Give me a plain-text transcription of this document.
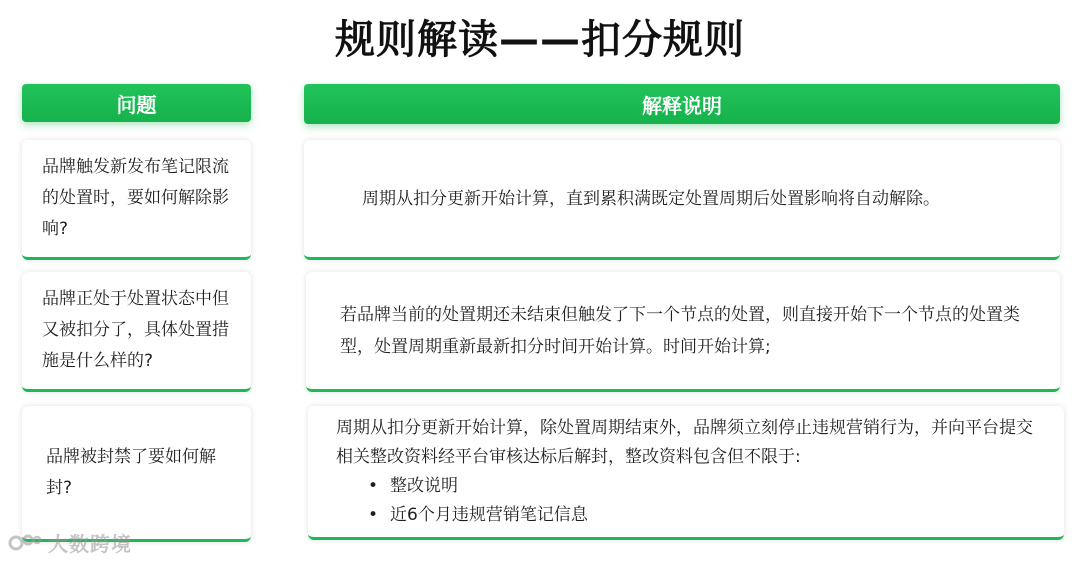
规则解读——扣分规则
问题	解释说明
品牌触发新发布笔记限流的处置时，要如何解除影响?
周期从扣分更新开始计算，直到累积满既定处置周期后处置影响将自动解除。
品牌正处于处置状态中但又被扣分了，具体处置措施是什么样的?
若品牌当前的处置期还未结束但触发了下一个节点的处置，则直接开始下一个节点的处置类型，处置周期重新最新扣分时间开始计算。时间开始计算;
品牌被封禁了要如何解封?
周期从扣分更新开始计算，除处置周期结束外，品牌须立刻停止违规营销行为，并向平台提交相关整改资料经平台审核达标后解封，整改资料包含但不限于:
• 整改说明
• 近6个月违规营销笔记信息
大数跨境
